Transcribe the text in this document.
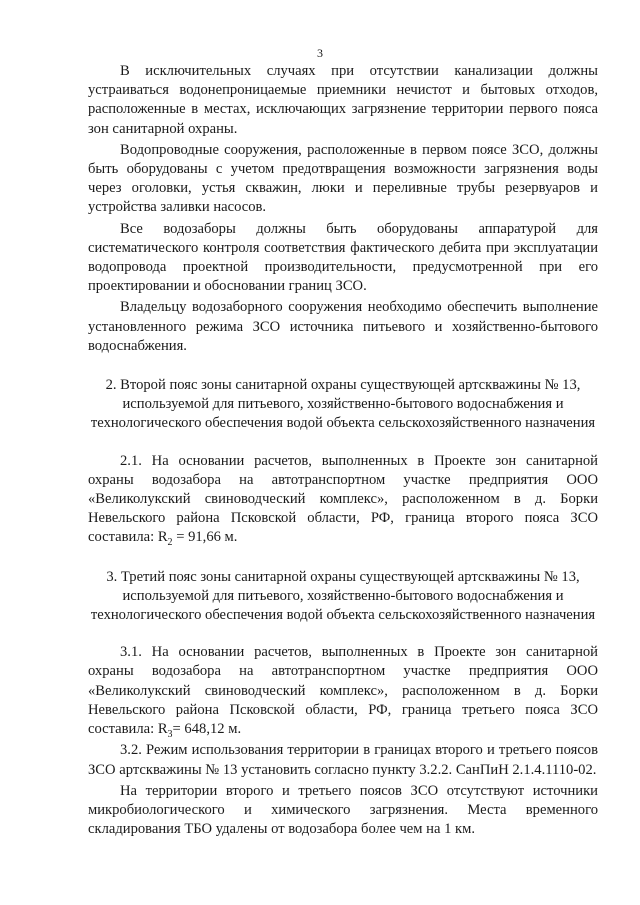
3

В исключительных случаях при отсутствии канализации должны устраиваться водонепроницаемые приемники нечистот и бытовых отходов, расположенные в местах, исключающих загрязнение территории первого пояса зон санитарной охраны.

Водопроводные сооружения, расположенные в первом поясе ЗСО, должны быть оборудованы с учетом предотвращения возможности загрязнения воды через оголовки, устья скважин, люки и переливные трубы резервуаров и устройства заливки насосов.

Все водозаборы должны быть оборудованы аппаратурой для систематического контроля соответствия фактического дебита при эксплуатации водопровода проектной производительности, предусмотренной при его проектировании и обосновании границ ЗСО.

Владельцу водозаборного сооружения необходимо обеспечить выполнение установленного режима ЗСО источника питьевого и хозяйственно-бытового водоснабжения.

2. Второй пояс зоны санитарной охраны существующей артскважины № 13, используемой для питьевого, хозяйственно-бытового водоснабжения и технологического обеспечения водой объекта сельскохозяйственного назначения

2.1. На основании расчетов, выполненных в Проекте зон санитарной охраны водозабора на автотранспортном участке предприятия ООО «Великолукский свиноводческий комплекс», расположенном в д. Борки Невельского района Псковской области, РФ, граница второго пояса ЗСО составила: $R_2 = 91,66$ м.

3. Третий пояс зоны санитарной охраны существующей артскважины № 13, используемой для питьевого, хозяйственно-бытового водоснабжения и технологического обеспечения водой объекта сельскохозяйственного назначения

3.1. На основании расчетов, выполненных в Проекте зон санитарной охраны водозабора на автотранспортном участке предприятия ООО «Великолукский свиноводческий комплекс», расположенном в д. Борки Невельского района Псковской области, РФ, граница третьего пояса ЗСО составила: $R_3= 648,12$ м.

3.2. Режим использования территории в границах второго и третьего поясов ЗСО артскважины № 13 установить согласно пункту 3.2.2. СанПиН 2.1.4.1110-02.

На территории второго и третьего поясов ЗСО отсутствуют источники микробиологического и химического загрязнения. Места временного складирования ТБО удалены от водозабора более чем на 1 км.
